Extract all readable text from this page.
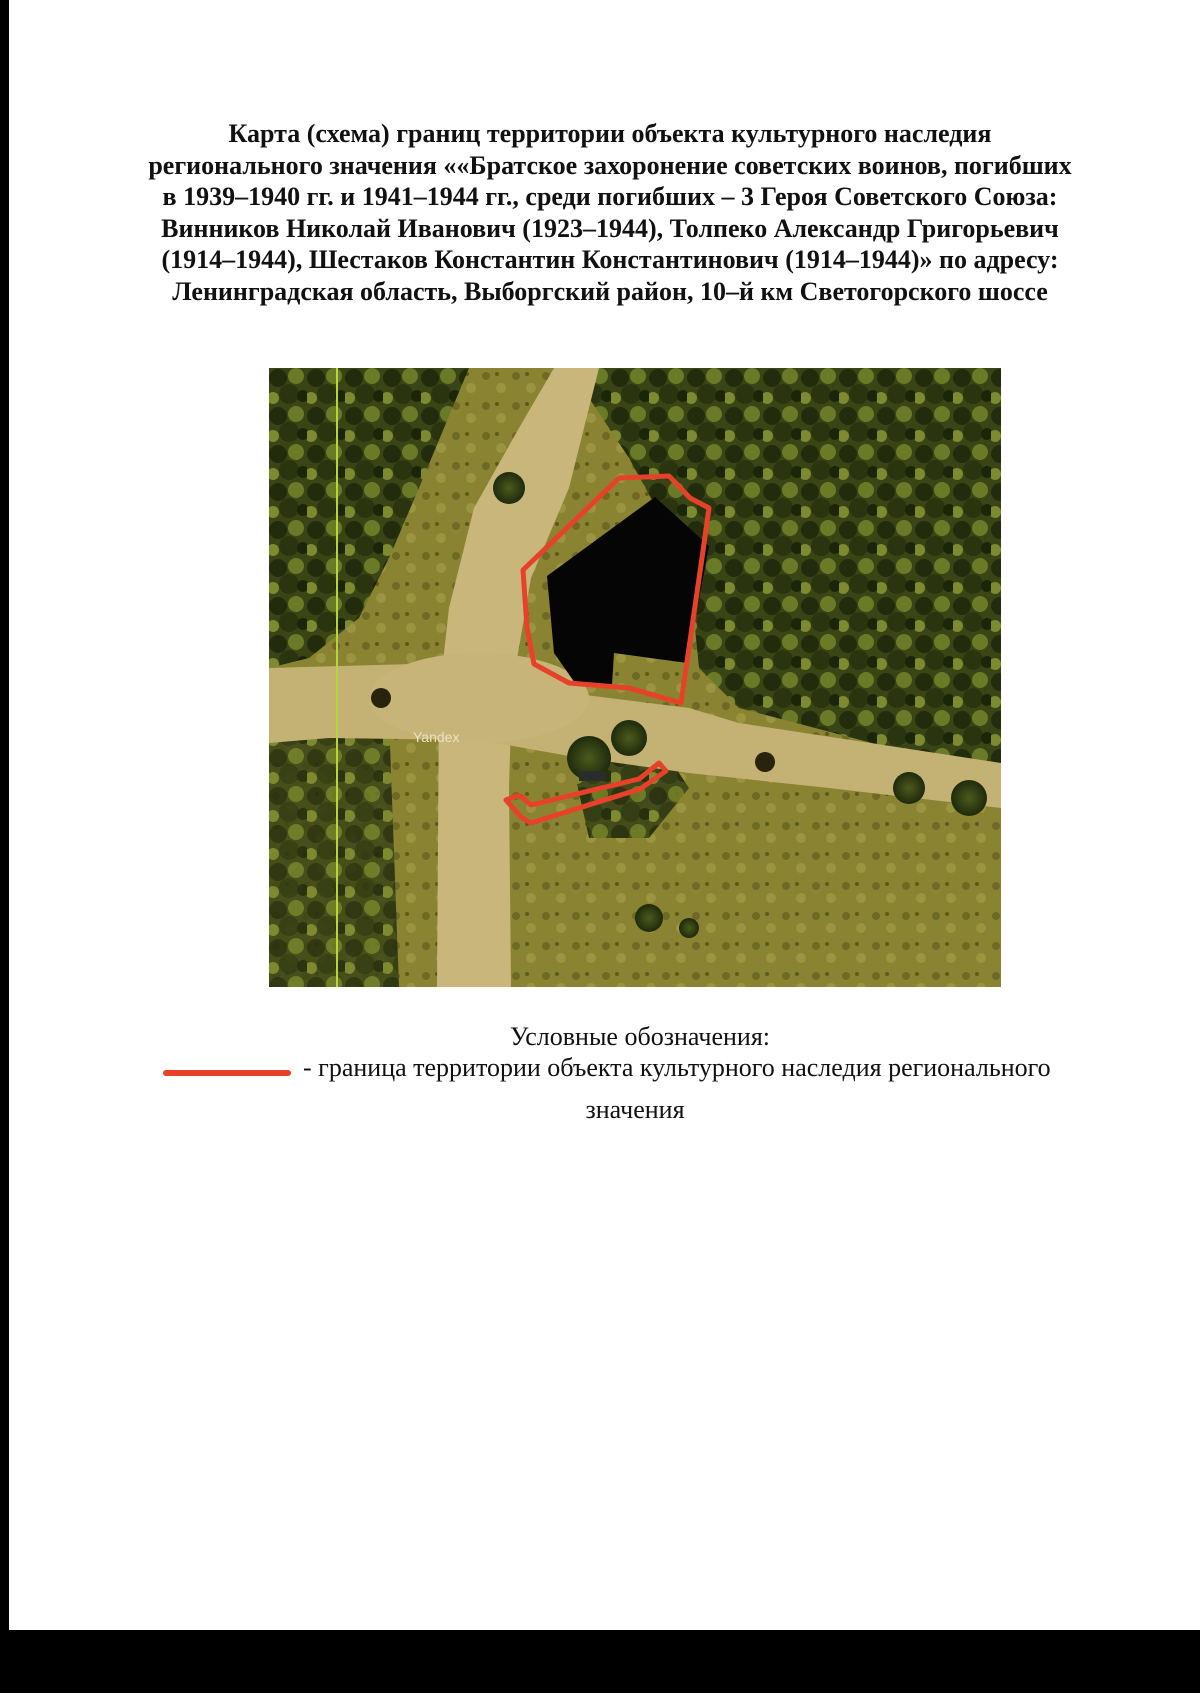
Карта (схема) границ территории объекта культурного наследия
регионального значения ««Братское захоронение советских воинов, погибших
в 1939–1940 гг. и 1941–1944 гг., среди погибших – 3 Героя Советского Союза:
Винников Николай Иванович (1923–1944), Толпеко Александр Григорьевич
(1914–1944), Шестаков Константин Константинович (1914–1944)» по адресу:
Ленинградская область, Выборгский район, 10–й км Светогорского шоссе
Yandex
Условные обозначения:
- граница территории объекта культурного наследия регионального
значения
